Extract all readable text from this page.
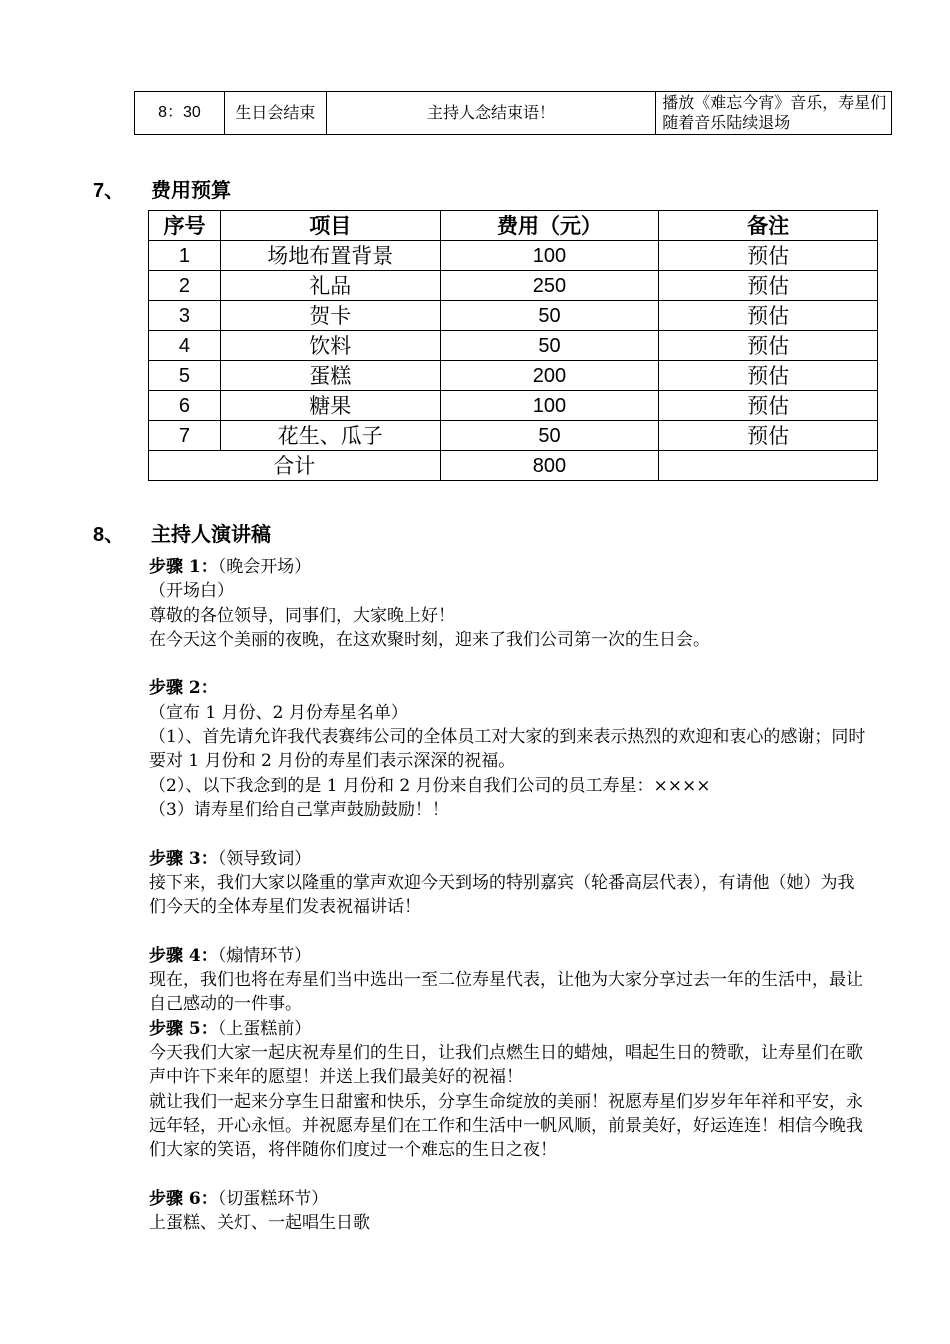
8：30	生日会结束	主持人念结束语！	播放《难忘今宵》音乐，寿星们随着音乐陆续退场
7、 费用预算
序号	项目	费用（元）	备注
1	场地布置背景	100	预估
2	礼品	250	预估
3	贺卡	50	预估
4	饮料	50	预估
5	蛋糕	200	预估
6	糖果	100	预估
7	花生、瓜子	50	预估
合计		800	
8、 主持人演讲稿

步骤 1：（晚会开场）

（开场白）

尊敬的各位领导，同事们，大家晚上好！

在今天这个美丽的夜晚，在这欢聚时刻，迎来了我们公司第一次的生日会。

步骤 2：

（宣布 1 月份、2 月份寿星名单）

（1）、首先请允许我代表赛纬公司的全体员工对大家的到来表示热烈的欢迎和衷心的感谢；同时要对 1 月份和 2 月份的寿星们表示深深的祝福。

（2）、以下我念到的是 1 月份和 2 月份来自我们公司的员工寿星：××××

（3）请寿星们给自己掌声鼓励鼓励！！

步骤 3：（领导致词）

接下来，我们大家以隆重的掌声欢迎今天到场的特别嘉宾（轮番高层代表），有请他（她）为我们今天的全体寿星们发表祝福讲话！

步骤 4：（煽情环节）

现在，我们也将在寿星们当中选出一至二位寿星代表，让他为大家分享过去一年的生活中，最让自己感动的一件事。

步骤 5：（上蛋糕前）

今天我们大家一起庆祝寿星们的生日，让我们点燃生日的蜡烛，唱起生日的赞歌，让寿星们在歌声中许下来年的愿望！并送上我们最美好的祝福！

就让我们一起来分享生日甜蜜和快乐，分享生命绽放的美丽！祝愿寿星们岁岁年年祥和平安，永远年轻，开心永恒。并祝愿寿星们在工作和生活中一帆风顺，前景美好，好运连连！相信今晚我们大家的笑语，将伴随你们度过一个难忘的生日之夜！

步骤 6：（切蛋糕环节）

上蛋糕、关灯、一起唱生日歌
